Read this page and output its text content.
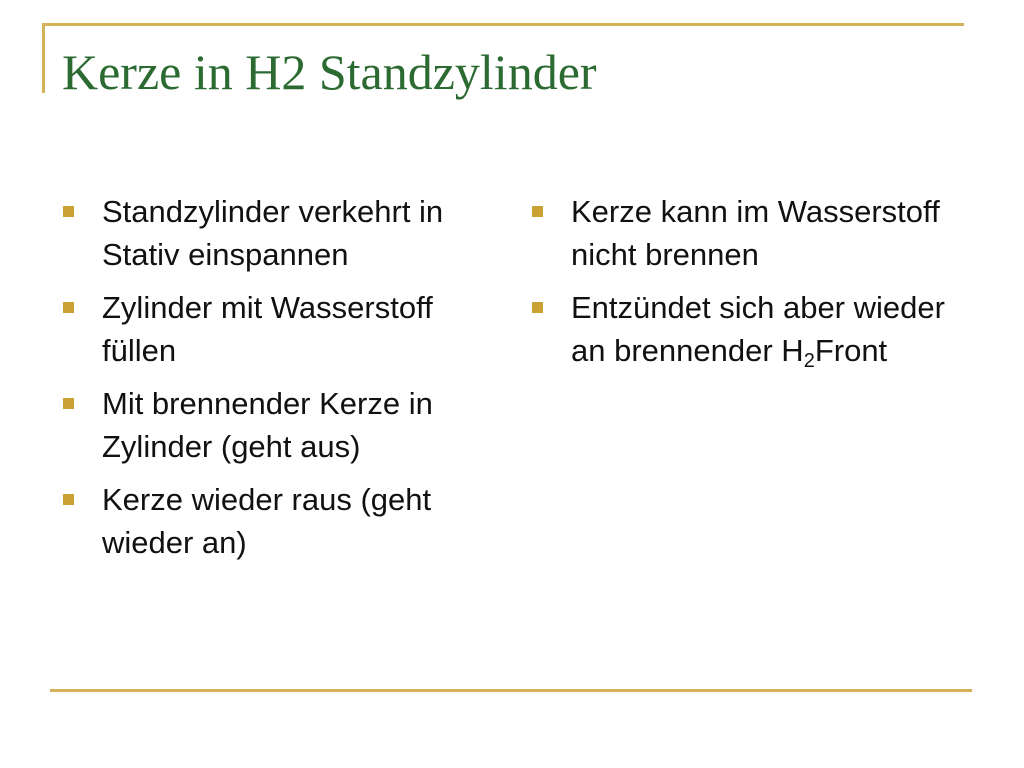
Kerze in H2 Standzylinder
Standzylinder verkehrt in Stativ einspannen
Zylinder mit Wasserstoff füllen
Mit brennender Kerze in Zylinder (geht aus)
Kerze wieder raus (geht wieder an)
Kerze kann im Wasserstoff nicht brennen
Entzündet sich aber wieder an brennender $H_2Front$
